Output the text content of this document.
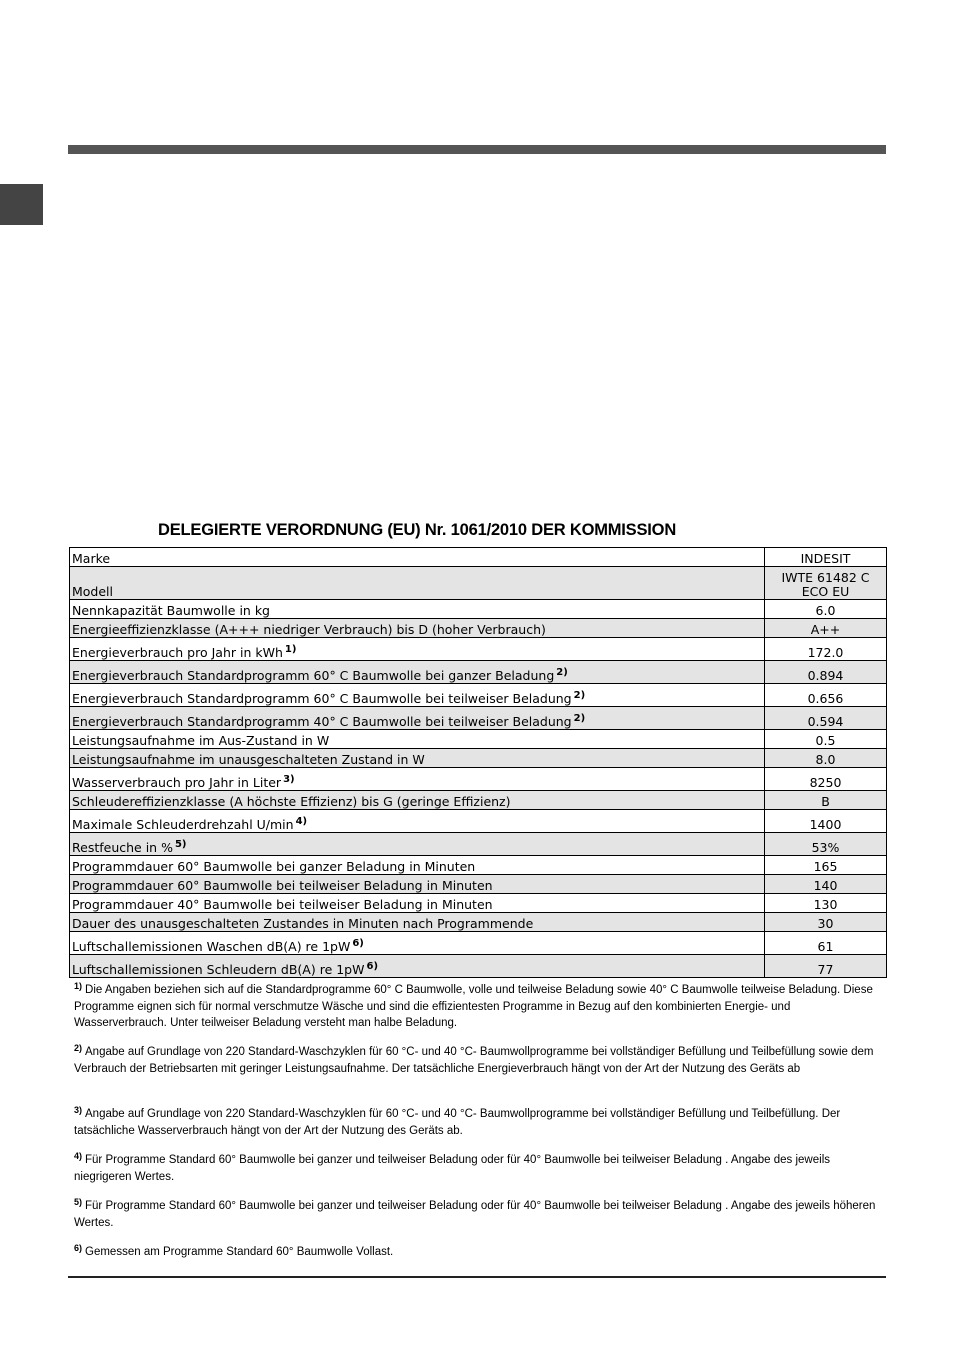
DELEGIERTE VERORDNUNG (EU) Nr. 1061/2010 DER KOMMISSION
Marke	INDESIT
Modell	IWTE 61482 C ECO EU
Nennkapazität Baumwolle in kg	6.0
Energieeffizienzklasse (A+++ niedriger Verbrauch) bis D (hoher Verbrauch)	A++
Energieverbrauch pro Jahr in kWh $^{1)}$	172.0
Energieverbrauch Standardprogramm 60° C Baumwolle bei ganzer Beladung $^{2)}$	0.894
Energieverbrauch Standardprogramm 60° C Baumwolle bei teilweiser Beladung $^{2)}$	0.656
Energieverbrauch Standardprogramm 40° C Baumwolle bei teilweiser Beladung $^{2)}$	0.594
Leistungsaufnahme im Aus-Zustand in W	0.5
Leistungsaufnahme im unausgeschalteten Zustand in W	8.0
Wasserverbrauch pro Jahr in Liter $^{3)}$	8250
Schleudereffizienzklasse (A höchste Effizienz) bis G (geringe Effizienz)	B
Maximale Schleuderdrehzahl U/min $^{4)}$	1400
Restfeuche in % $^{5)}$	53%
Programmdauer 60° Baumwolle bei ganzer Beladung in Minuten	165
Programmdauer 60° Baumwolle bei teilweiser Beladung in Minuten	140
Programmdauer 40° Baumwolle bei teilweiser Beladung in Minuten	130
Dauer des unausgeschalteten Zustandes in Minuten nach Programmende	30
Luftschallemissionen Waschen dB(A) re 1pW $^{6)}$	61
Luftschallemissionen Schleudern dB(A) re 1pW $^{6)}$	77
$^{1)}$ Die Angaben beziehen sich auf die Standardprogramme 60° C Baumwolle, volle und teilweise Beladung sowie 40° C Baumwolle teilweise Beladung. Diese Programme eignen sich für normal verschmutze Wäsche und sind die effizientesten Programme in Bezug auf den kombinierten Energie- und Wasserverbrauch. Unter teilweiser Beladung versteht man halbe Beladung.
$^{2)}$ Angabe auf Grundlage von 220 Standard-Waschzyklen für 60 °C- und 40 °C- Baumwollprogramme bei vollständiger Befüllung und Teilbefüllung sowie dem Verbrauch der Betriebsarten mit geringer Leistungsaufnahme. Der tatsächliche Energieverbrauch hängt von der Art der Nutzung des Geräts ab
$^{3)}$ Angabe auf Grundlage von 220 Standard-Waschzyklen für 60 °C- und 40 °C- Baumwollprogramme bei vollständiger Befüllung und Teilbefüllung. Der tatsächliche Wasserverbrauch hängt von der Art der Nutzung des Geräts ab.
$^{4)}$ Für Programme Standard 60° Baumwolle bei ganzer und teilweiser Beladung oder für 40° Baumwolle bei teilweiser Beladung . Angabe des jeweils niegrigeren Wertes.
$^{5)}$ Für Programme Standard 60° Baumwolle bei ganzer und teilweiser Beladung oder für 40° Baumwolle bei teilweiser Beladung . Angabe des jeweils höheren Wertes.
$^{6)}$ Gemessen am Programme Standard 60° Baumwolle Vollast.
